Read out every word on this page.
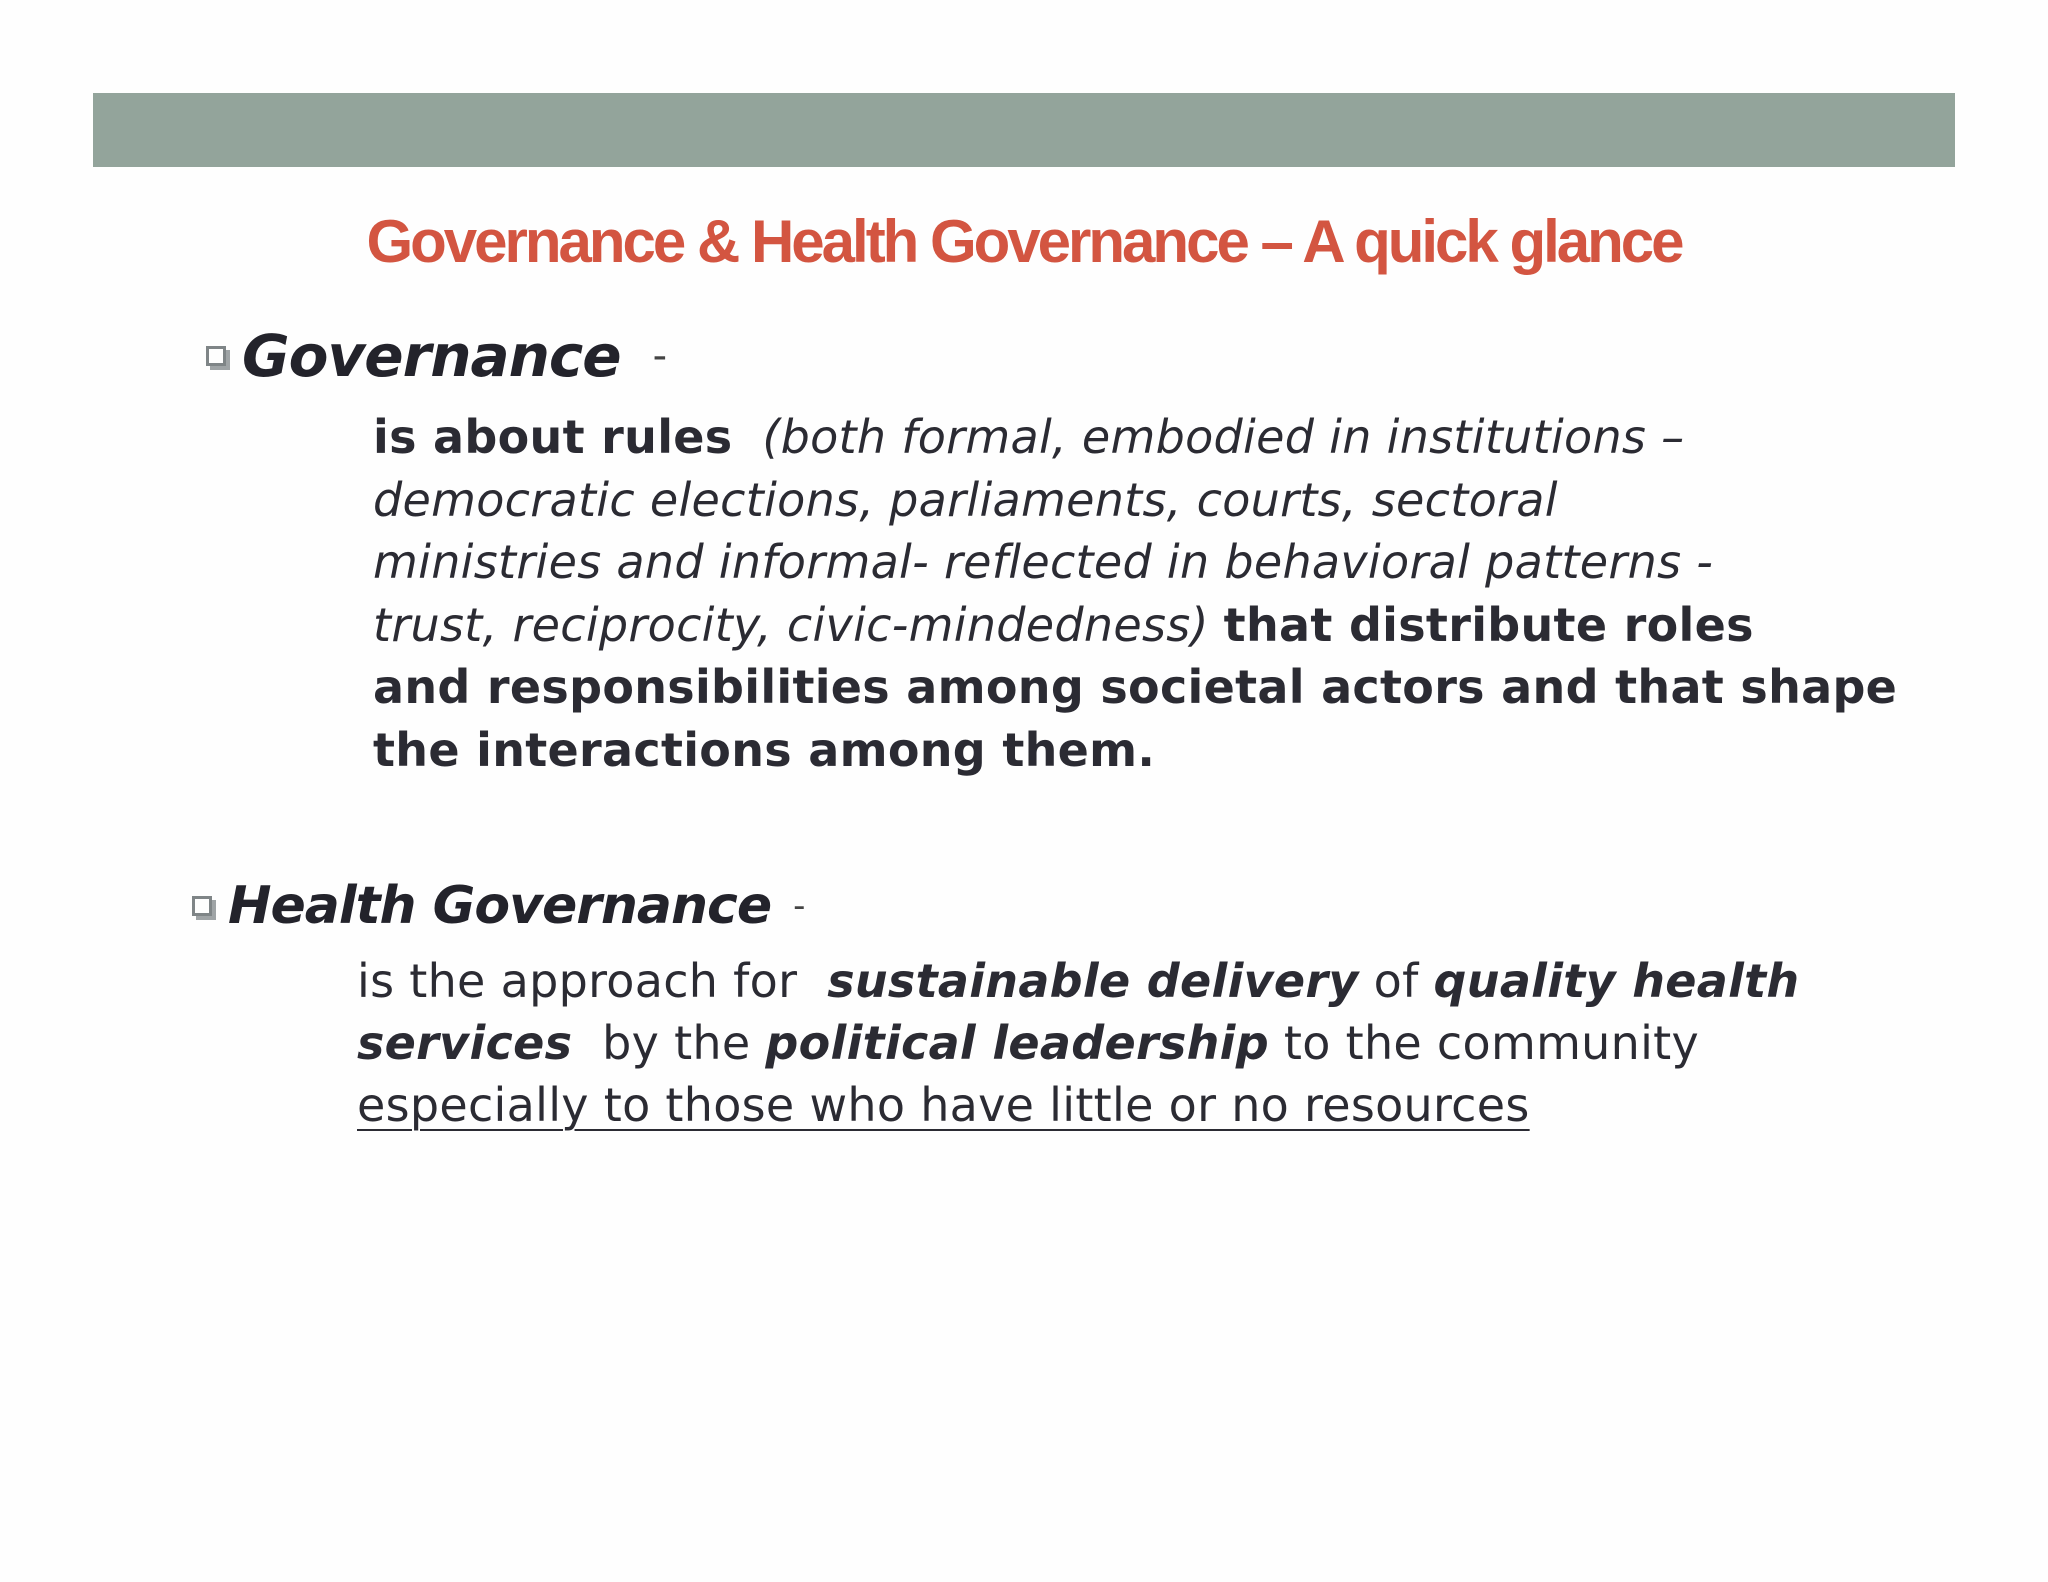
Governance & Health Governance – A quick glance
Governance -

is about rules (both formal, embodied in institutions –
democratic elections, parliaments, courts, sectoral
ministries and informal- reflected in behavioral patterns -
trust, reciprocity, civic-mindedness) that distribute roles
and responsibilities among societal actors and that shape
the interactions among them.

Health Governance -

is the approach for sustainable delivery of quality health
services by the political leadership to the community
especially to those who have little or no resources
